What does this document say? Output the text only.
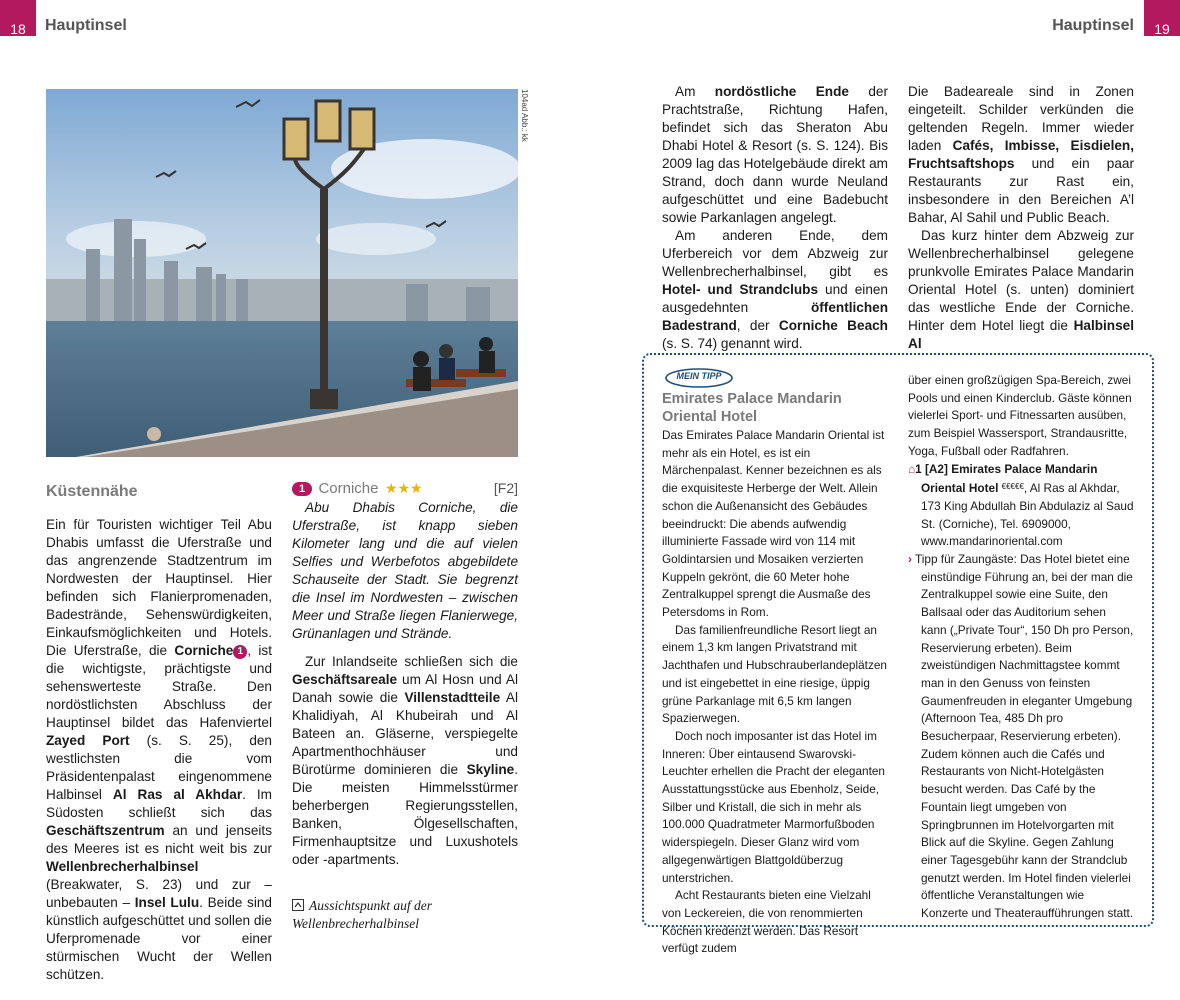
18	Hauptinsel	Hauptinsel	19
104ad Abb.: kk
Küstennähe

Ein für Touristen wichtiger Teil Abu Dhabis umfasst die Uferstraße und das angrenzende Stadtzentrum im Nordwesten der Hauptinsel. Hier befinden sich Flanierpromenaden, Badestrände, Sehenswürdigkeiten, Einkaufsmöglichkeiten und Hotels. Die Uferstraße, die Corniche 1 , ist die wichtigste, prächtigste und sehenswerteste Straße. Den nordöstlichsten Abschluss der Hauptinsel bildet das Hafenviertel Zayed Port (s. S. 25), den westlichsten die vom Präsidentenpalast eingenommene Halbinsel Al Ras al Akhdar. Im Südosten schließt sich das Geschäftszentrum an und jenseits des Meeres ist es nicht weit bis zur Wellenbrecherhalbinsel (Breakwater, S. 23) und zur – unbebauten – Insel Lulu. Beide sind künstlich aufgeschüttet und sollen die Uferpromenade vor einer stürmischen Wucht der Wellen schützen.

1 Corniche ★★★	[F2]

Abu Dhabis Corniche, die Uferstraße, ist knapp sieben Kilometer lang und die auf vielen Selfies und Werbefotos abgebildete Schauseite der Stadt. Sie begrenzt die Insel im Nordwesten – zwischen Meer und Straße liegen Flanierwege, Grünanlagen und Strände.

Zur Inlandseite schließen sich die Geschäftsareale um Al Hosn und Al Danah sowie die Villenstadtteile Al Khalidiyah, Al Khubeirah und Al Bateen an. Gläserne, verspiegelte Apartmenthochhäuser und Bürotürme dominieren die Skyline. Die meisten Himmelsstürmer beherbergen Regierungsstellen, Banken, Ölgesellschaften, Firmenhauptsitze und Luxushotels oder -apartments.

Aussichtspunkt auf der Wellenbrecherhalbinsel

Am nordöstliche Ende der Prachtstraße, Richtung Hafen, befindet sich das Sheraton Abu Dhabi Hotel & Resort (s. S. 124). Bis 2009 lag das Hotelgebäude direkt am Strand, doch dann wurde Neuland aufgeschüttet und eine Badebucht sowie Parkanlagen angelegt.

Am anderen Ende, dem Uferbereich vor dem Abzweig zur Wellenbrecherhalbinsel, gibt es Hotel- und Strandclubs und einen ausgedehnten öffentlichen Badestrand, der Corniche Beach (s. S. 74) genannt wird.

Die Badeareale sind in Zonen eingeteilt. Schilder verkünden die geltenden Regeln. Immer wieder laden Cafés, Imbisse, Eisdielen, Fruchtsaftshops und ein paar Restaurants zur Rast ein, insbesondere in den Bereichen A’l Bahar, Al Sahil und Public Beach.

Das kurz hinter dem Abzweig zur Wellenbrecherhalbinsel gelegene prunkvolle Emirates Palace Mandarin Oriental Hotel (s. unten) dominiert das westliche Ende der Corniche. Hinter dem Hotel liegt die Halbinsel Al

MEIN TIPP
Emirates Palace Mandarin
Oriental Hotel

Das Emirates Palace Mandarin Oriental ist mehr als ein Hotel, es ist ein Märchenpalast. Kenner bezeichnen es als die exquisiteste Herberge der Welt. Allein schon die Außenansicht des Gebäudes beeindruckt: Die abends aufwendig illuminierte Fassade wird von 114 mit Goldintarsien und Mosaiken verzierten Kuppeln gekrönt, die 60 Meter hohe Zentralkuppel sprengt die Ausmaße des Petersdoms in Rom.

Das familienfreundliche Resort liegt an einem 1,3 km langen Privatstrand mit Jachthafen und Hubschrauberlandeplätzen und ist eingebettet in eine riesige, üppig grüne Parkanlage mit 6,5 km langen Spazierwegen.

Doch noch imposanter ist das Hotel im Inneren: Über eintausend Swarovski-Leuchter erhellen die Pracht der eleganten Ausstattungsstücke aus Ebenholz, Seide, Silber und Kristall, die sich in mehr als 100.000 Quadratmeter Marmorfußboden widerspiegeln. Dieser Glanz wird vom allgegenwärtigen Blattgoldüberzug unterstrichen.

Acht Restaurants bieten eine Vielzahl von Leckereien, die von renommierten Köchen kredenzt werden. Das Resort verfügt zudem

über einen großzügigen Spa-Bereich, zwei Pools und einen Kinderclub. Gäste können vielerlei Sport- und Fitnessarten ausüben, zum Beispiel Wassersport, Strandausritte, Yoga, Fußball oder Radfahren.

⌂1 [A2] Emirates Palace Mandarin Oriental Hotel €€€€€, Al Ras al Akhdar, 173 King Abdullah Bin Abdulaziz al Saud St. (Corniche), Tel. 6909000, www.mandarinoriental.com

› Tipp für Zaungäste: Das Hotel bietet eine einstündige Führung an, bei der man die Zentralkuppel sowie eine Suite, den Ballsaal oder das Auditorium sehen kann („Private Tour“, 150 Dh pro Person, Reservierung erbeten). Beim zweistündigen Nachmittagstee kommt man in den Genuss von feinsten Gaumenfreuden in eleganter Umgebung (Afternoon Tea, 485 Dh pro Besucherpaar, Reservierung erbeten). Zudem können auch die Cafés und Restaurants von Nicht-Hotelgästen besucht werden. Das Café by the Fountain liegt umgeben von Springbrunnen im Hotelvorgarten mit Blick auf die Skyline. Gegen Zahlung einer Tagesgebühr kann der Strandclub genutzt werden. Im Hotel finden vielerlei öffentliche Veranstaltungen wie Konzerte und Theateraufführungen statt.
